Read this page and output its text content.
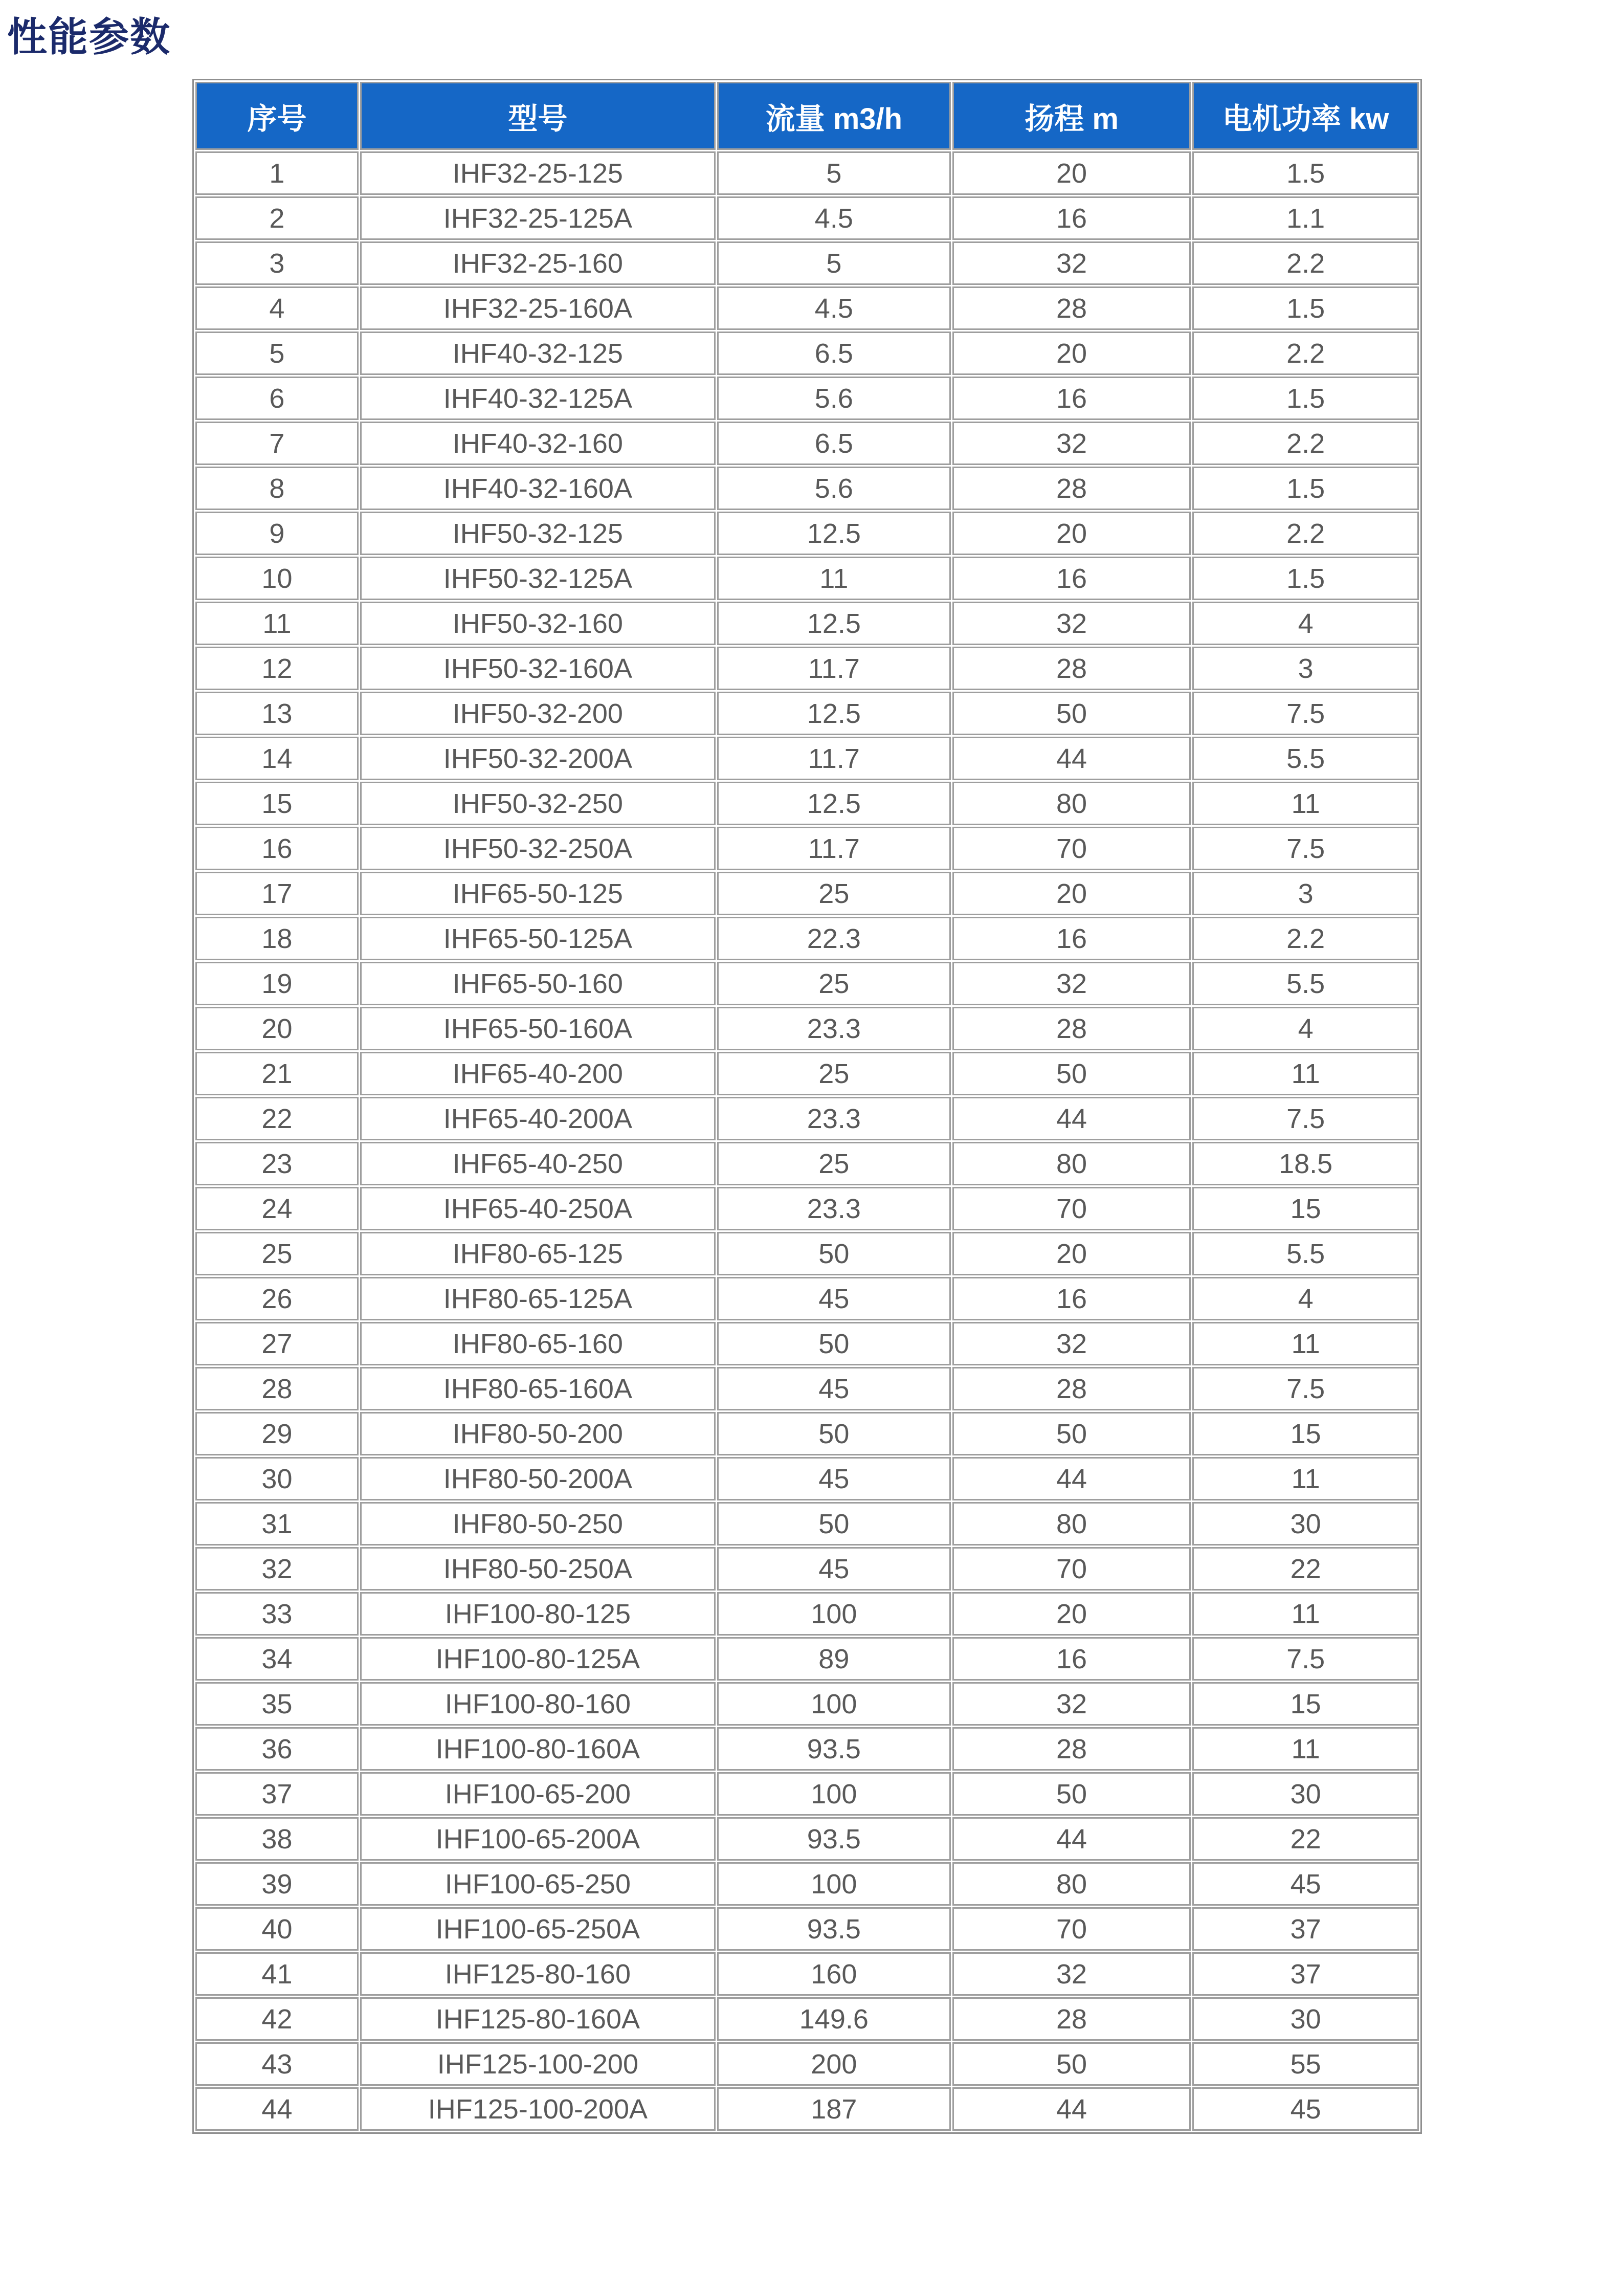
性能参数
序号	型号	流量 m3/h	扬程 m	电机功率 kw
1	IHF32-25-125	5	20	1.5
2	IHF32-25-125A	4.5	16	1.1
3	IHF32-25-160	5	32	2.2
4	IHF32-25-160A	4.5	28	1.5
5	IHF40-32-125	6.5	20	2.2
6	IHF40-32-125A	5.6	16	1.5
7	IHF40-32-160	6.5	32	2.2
8	IHF40-32-160A	5.6	28	1.5
9	IHF50-32-125	12.5	20	2.2
10	IHF50-32-125A	11	16	1.5
11	IHF50-32-160	12.5	32	4
12	IHF50-32-160A	11.7	28	3
13	IHF50-32-200	12.5	50	7.5
14	IHF50-32-200A	11.7	44	5.5
15	IHF50-32-250	12.5	80	11
16	IHF50-32-250A	11.7	70	7.5
17	IHF65-50-125	25	20	3
18	IHF65-50-125A	22.3	16	2.2
19	IHF65-50-160	25	32	5.5
20	IHF65-50-160A	23.3	28	4
21	IHF65-40-200	25	50	11
22	IHF65-40-200A	23.3	44	7.5
23	IHF65-40-250	25	80	18.5
24	IHF65-40-250A	23.3	70	15
25	IHF80-65-125	50	20	5.5
26	IHF80-65-125A	45	16	4
27	IHF80-65-160	50	32	11
28	IHF80-65-160A	45	28	7.5
29	IHF80-50-200	50	50	15
30	IHF80-50-200A	45	44	11
31	IHF80-50-250	50	80	30
32	IHF80-50-250A	45	70	22
33	IHF100-80-125	100	20	11
34	IHF100-80-125A	89	16	7.5
35	IHF100-80-160	100	32	15
36	IHF100-80-160A	93.5	28	11
37	IHF100-65-200	100	50	30
38	IHF100-65-200A	93.5	44	22
39	IHF100-65-250	100	80	45
40	IHF100-65-250A	93.5	70	37
41	IHF125-80-160	160	32	37
42	IHF125-80-160A	149.6	28	30
43	IHF125-100-200	200	50	55
44	IHF125-100-200A	187	44	45
